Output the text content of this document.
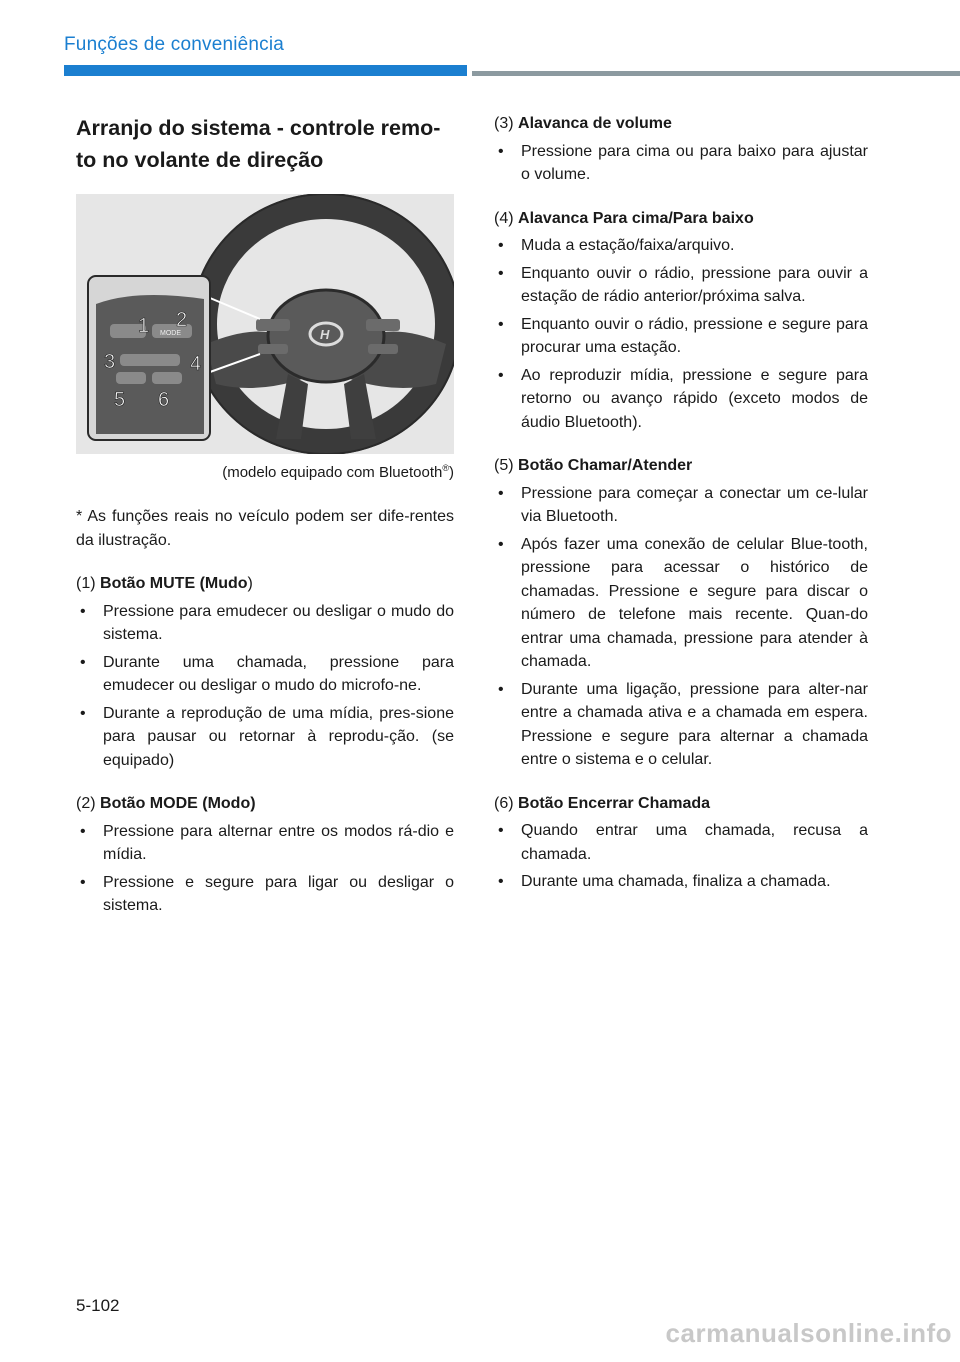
Funções de conveniência
Arranjo do sistema - controle remo-
to no volante de direção
H
MODE
1 2
3	4
5 6
(modelo equipado com Bluetooth®)

* As funções reais no veículo podem ser dife-rentes da ilustração.

(1) Botão MUTE (Mudo)

• Pressione para emudecer ou desligar o mudo do sistema.
• Durante uma chamada, pressione para emudecer ou desligar o mudo do microfo-ne.
• Durante a reprodução de uma mídia, pres-sione para pausar ou retornar à reprodu-ção. (se equipado)

(2) Botão MODE (Modo)

• Pressione para alternar entre os modos rá-dio e mídia.
• Pressione e segure para ligar ou desligar o sistema.

(3) Alavanca de volume

• Pressione para cima ou para baixo para ajustar o volume.

(4) Alavanca Para cima/Para baixo

• Muda a estação/faixa/arquivo.
• Enquanto ouvir o rádio, pressione para ouvir a estação de rádio anterior/próxima salva.
• Enquanto ouvir o rádio, pressione e segure para procurar uma estação.
• Ao reproduzir mídia, pressione e segure para retorno ou avanço rápido (exceto modos de áudio Bluetooth).

(5) Botão Chamar/Atender

• Pressione para começar a conectar um ce-lular via Bluetooth.
• Após fazer uma conexão de celular Blue-tooth, pressione para acessar o histórico de chamadas. Pressione e segure para discar o número de telefone mais recente. Quan-do entrar uma chamada, pressione para atender à chamada.
• Durante uma ligação, pressione para alter-nar entre a chamada ativa e a chamada em espera. Pressione e segure para alternar a chamada entre o sistema e o celular.

(6) Botão Encerrar Chamada

• Quando entrar uma chamada, recusa a chamada.
• Durante uma chamada, finaliza a chamada.
5-102
carmanualsonline.info
